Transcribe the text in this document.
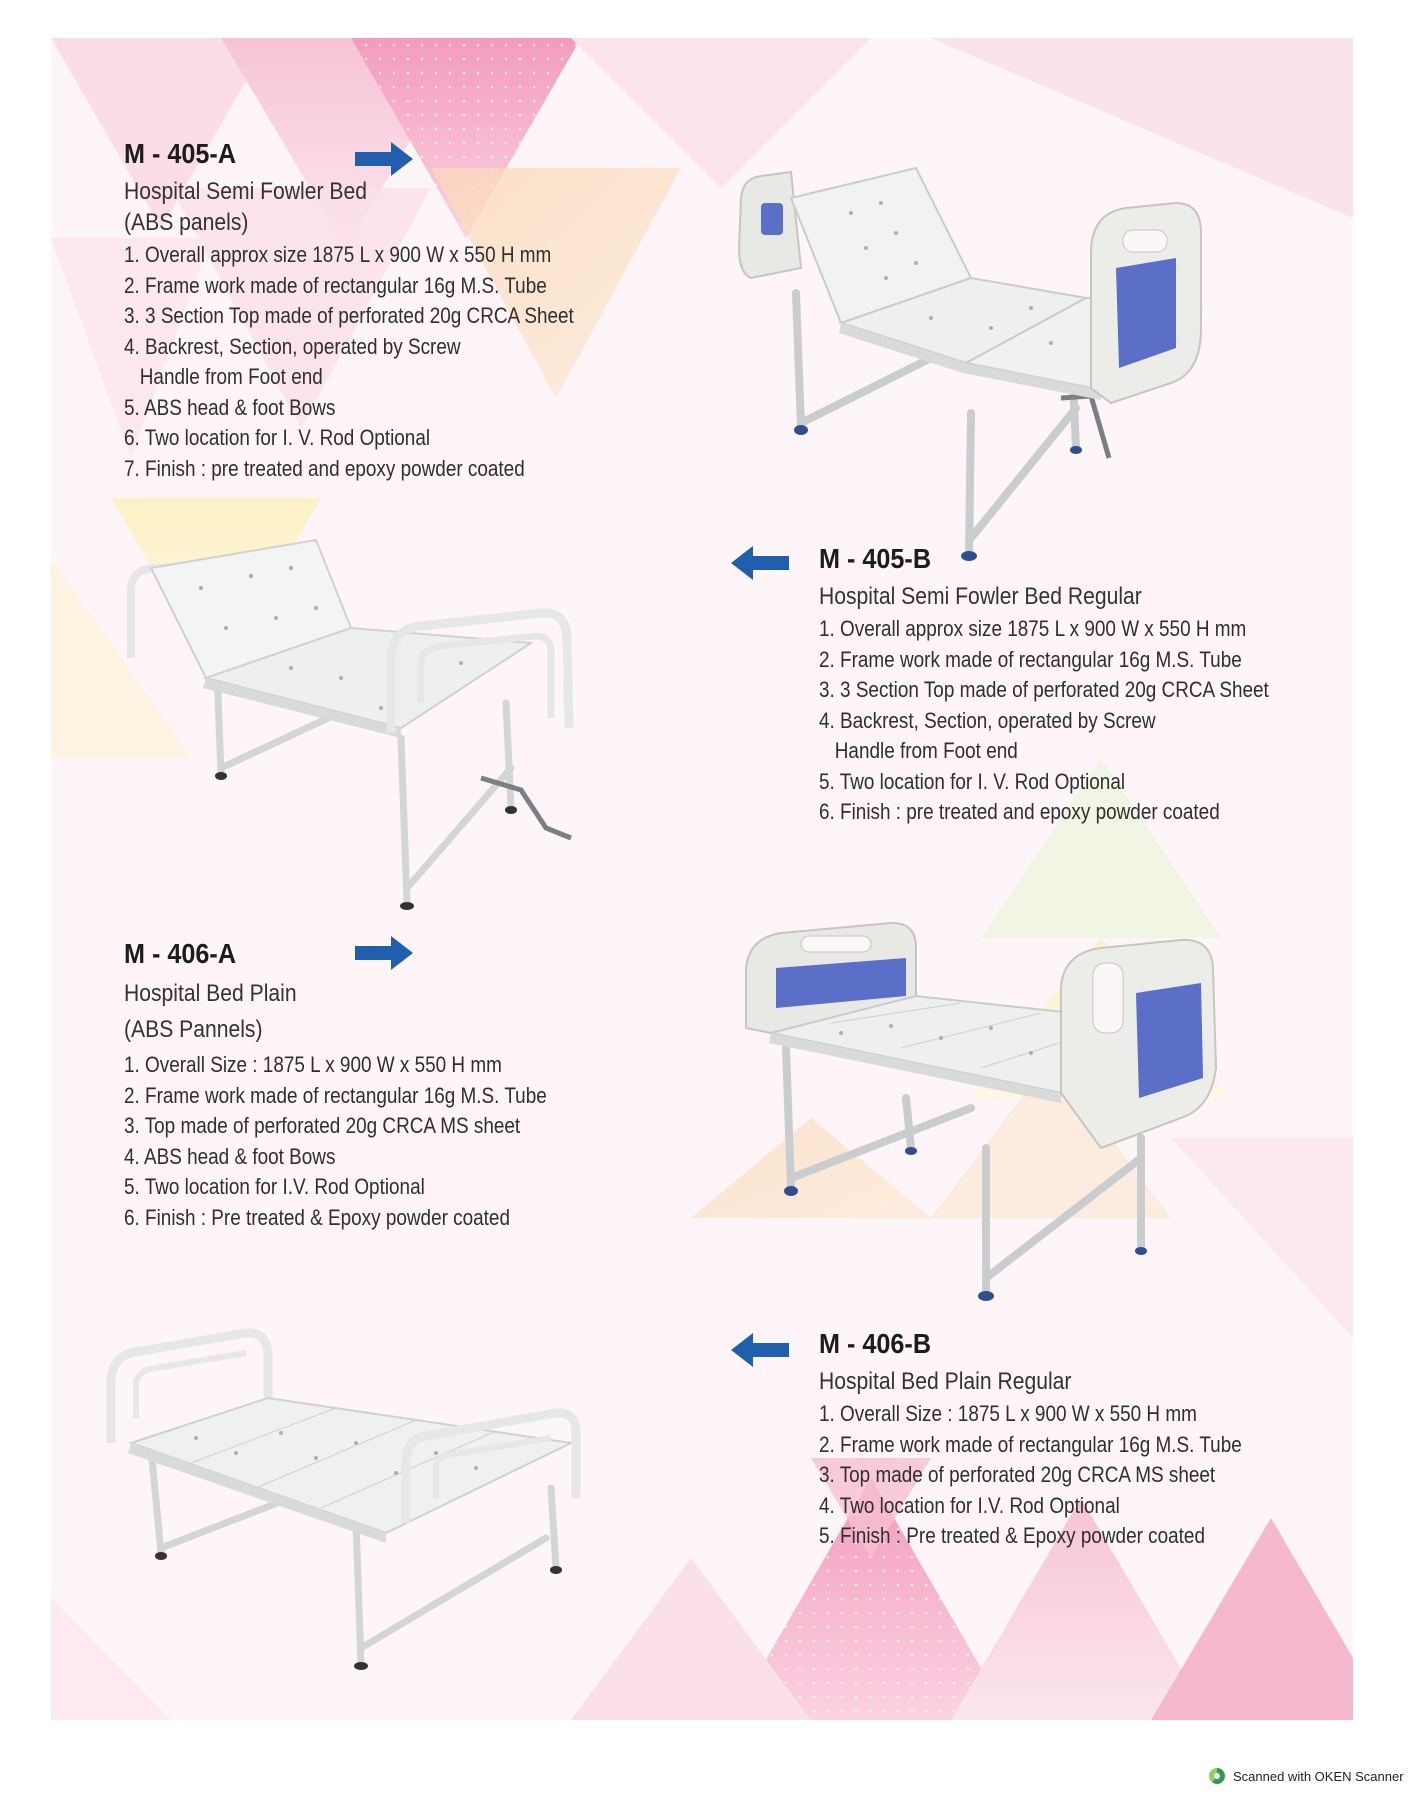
M - 405-A

Hospital Semi Fowler Bed

(ABS panels)

1. Overall approx size 1875 L x 900 W x 550 H mm
2. Frame work made of rectangular 16g M.S. Tube
3. 3 Section Top made of perforated 20g CRCA Sheet
4. Backrest, Section, operated by Screw
Handle from Foot end
5. ABS head & foot Bows
6. Two location for I. V. Rod Optional
7. Finish : pre treated and epoxy powder coated
M - 405-B

Hospital Semi Fowler Bed Regular

1. Overall approx size 1875 L x 900 W x 550 H mm
2. Frame work made of rectangular 16g M.S. Tube
3. 3 Section Top made of perforated 20g CRCA Sheet
4. Backrest, Section, operated by Screw
Handle from Foot end
5. Two location for I. V. Rod Optional
6. Finish : pre treated and epoxy powder coated
M - 406-A

Hospital Bed Plain

(ABS Pannels)

1. Overall Size : 1875 L x 900 W x 550 H mm
2. Frame work made of rectangular 16g M.S. Tube
3. Top made of perforated 20g CRCA MS sheet
4. ABS head & foot Bows
5. Two location for I.V. Rod Optional
6. Finish : Pre treated & Epoxy powder coated
M - 406-B

Hospital Bed Plain Regular

1. Overall Size : 1875 L x 900 W x 550 H mm
2. Frame work made of rectangular 16g M.S. Tube
3. Top made of perforated 20g CRCA MS sheet
4. Two location for I.V. Rod Optional
5. Finish : Pre treated & Epoxy powder coated
Scanned with OKEN Scanner
